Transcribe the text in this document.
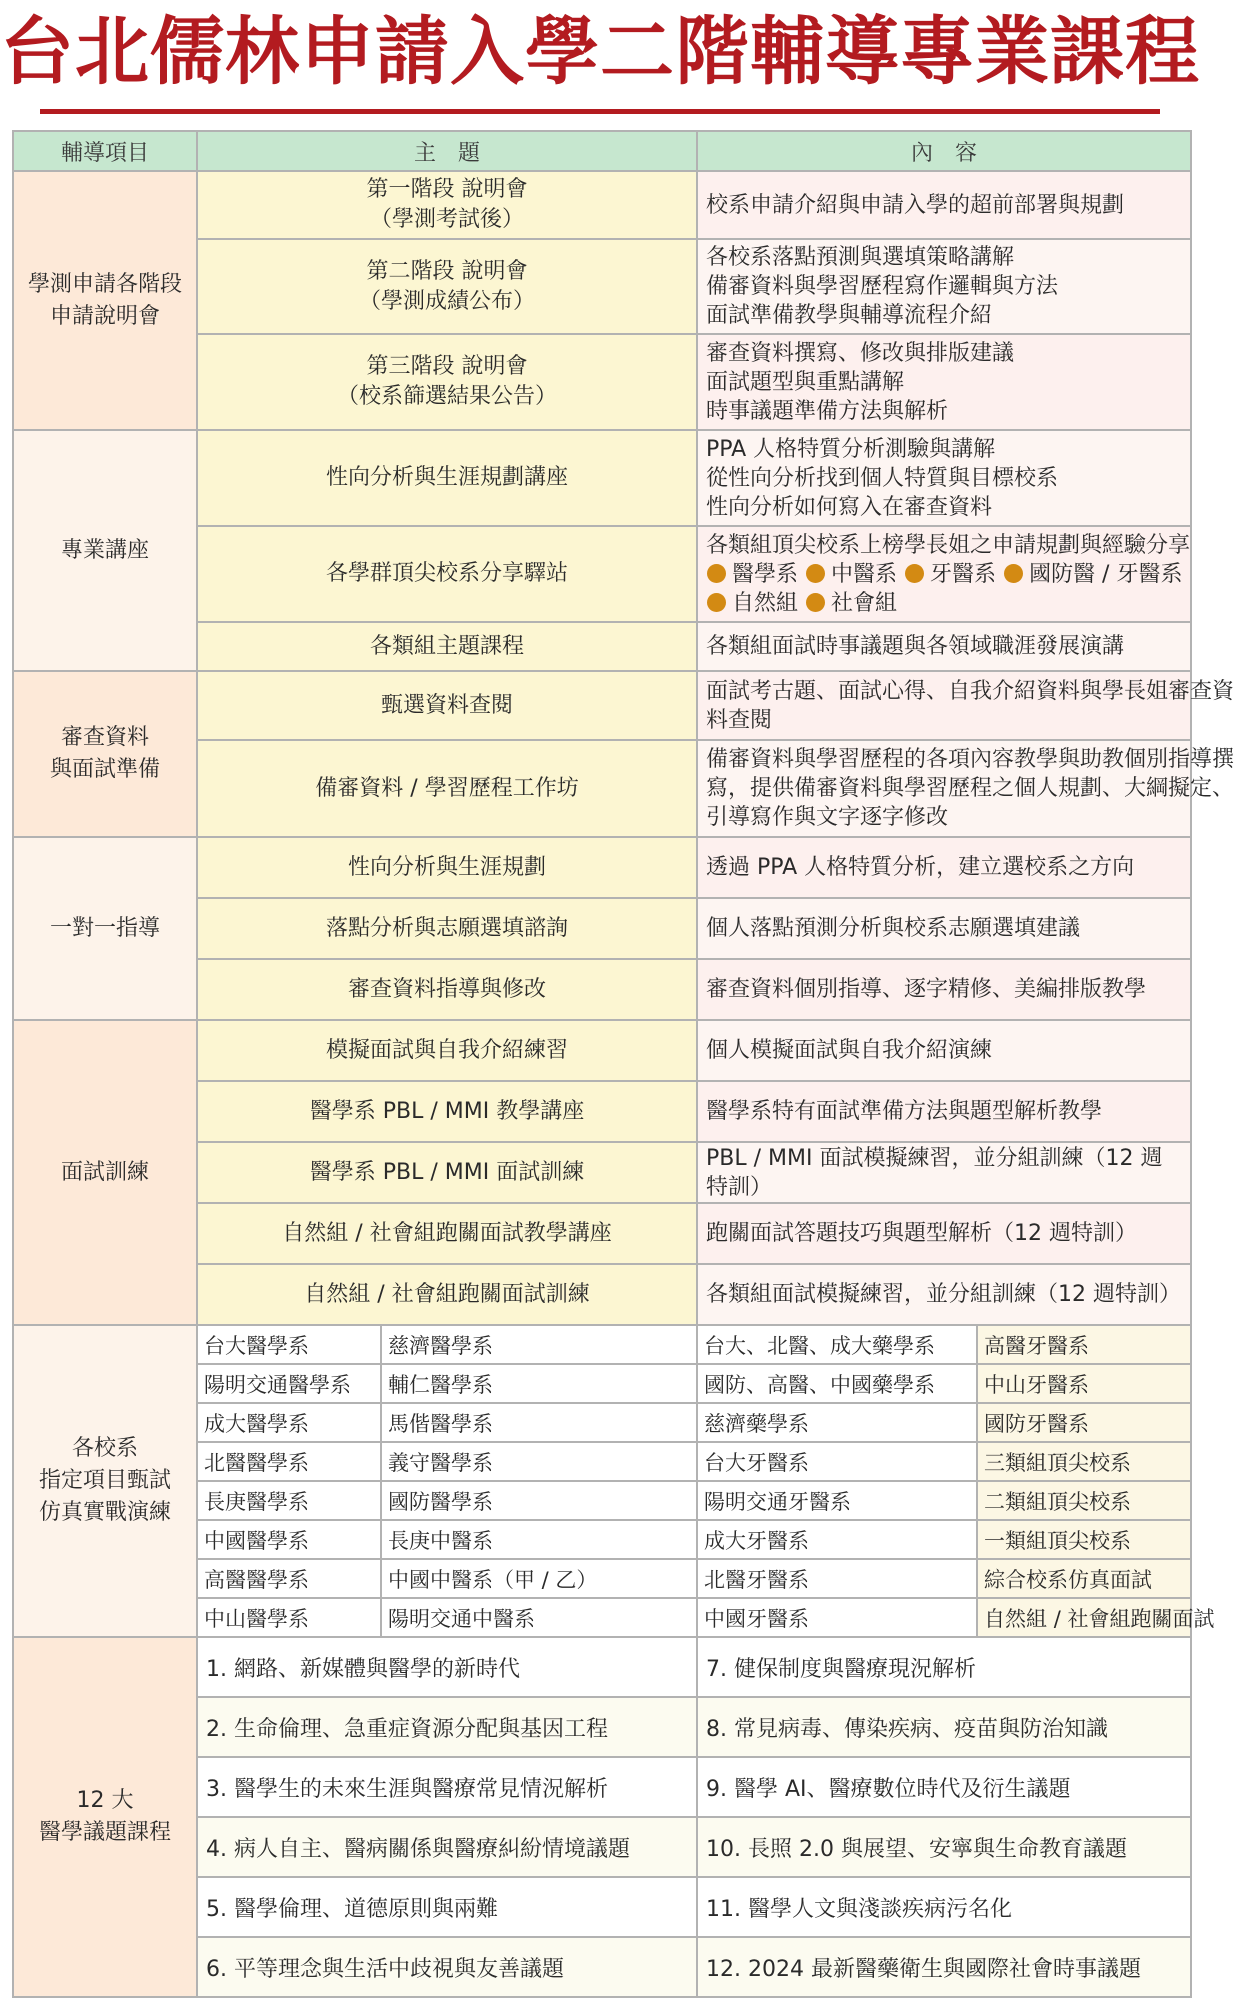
台北儒林申請入學二階輔導專業課程
輔導項目	主　題		內　容	
學測申請各階段申請說明會	第一階段 說明會
（學測考試後）		校系申請介紹與申請入學的超前部署與規劃	

	第二階段 說明會
（學測成績公布）		各校系落點預測與選填策略講解
備審資料與學習歷程寫作邏輯與方法
面試準備教學與輔導流程介紹	

	第三階段 說明會
（校系篩選結果公告）		審查資料撰寫、修改與排版建議
面試題型與重點講解
時事議題準備方法與解析	

專業講座	性向分析與生涯規劃講座		PPA 人格特質分析測驗與講解
從性向分析找到個人特質與目標校系
性向分析如何寫入在審查資料	

	各學群頂尖校系分享驛站		各類組頂尖校系上榜學長姐之申請規劃與經驗分享
醫學系 中醫系 牙醫系 國防醫 / 牙醫系
自然組 社會組	

	各類組主題課程		各類組面試時事議題與各領域職涯發展演講	

審查資料
與面試準備	甄選資料查閱		面試考古題、面試心得、自我介紹資料與學長姐審查資
料查閱	

	備審資料 / 學習歷程工作坊		備審資料與學習歷程的各項內容教學與助教個別指導撰
寫，提供備審資料與學習歷程之個人規劃、大綱擬定、
引導寫作與文字逐字修改	

一對一指導	性向分析與生涯規劃		透過 PPA 人格特質分析，建立選校系之方向	
	落點分析與志願選填諮詢		個人落點預測分析與校系志願選填建議	
	審查資料指導與修改		審查資料個別指導、逐字精修、美編排版教學	
面試訓練	模擬面試與自我介紹練習		個人模擬面試與自我介紹演練	
	醫學系 PBL / MMI 教學講座		醫學系特有面試準備方法與題型解析教學	
	醫學系 PBL / MMI 面試訓練		PBL / MMI 面試模擬練習，並分組訓練（12 週特訓）	
	自然組 / 社會組跑關面試教學講座		跑關面試答題技巧與題型解析（12 週特訓）	
	自然組 / 社會組跑關面試訓練		各類組面試模擬練習，並分組訓練（12 週特訓）	

各校系
指定項目甄試
仿真實戰演練	台大醫學系	慈濟醫學系	台大、北醫、成大藥學系	高醫牙醫系
	陽明交通醫學系	輔仁醫學系	國防、高醫、中國藥學系	中山牙醫系
	成大醫學系	馬偕醫學系	慈濟藥學系	國防牙醫系
	北醫醫學系	義守醫學系	台大牙醫系	三類組頂尖校系
	長庚醫學系	國防醫學系	陽明交通牙醫系	二類組頂尖校系
	中國醫學系	長庚中醫系	成大牙醫系	一類組頂尖校系
	高醫醫學系	中國中醫系（甲 / 乙）	北醫牙醫系	綜合校系仿真面試
	中山醫學系	陽明交通中醫系	中國牙醫系	自然組 / 社會組跑關面試

12 大
醫學議題課程	1. 網路、新媒體與醫學的新時代		7. 健保制度與醫療現況解析	
	2. 生命倫理、急重症資源分配與基因工程		8. 常見病毒、傳染疾病、疫苗與防治知識	
	3. 醫學生的未來生涯與醫療常見情況解析		9. 醫學 AI、醫療數位時代及衍生議題	
	4. 病人自主、醫病關係與醫療糾紛情境議題		10. 長照 2.0 與展望、安寧與生命教育議題	
	5. 醫學倫理、道德原則與兩難		11. 醫學人文與淺談疾病污名化	
	6. 平等理念與生活中歧視與友善議題		12. 2024 最新醫藥衛生與國際社會時事議題	
